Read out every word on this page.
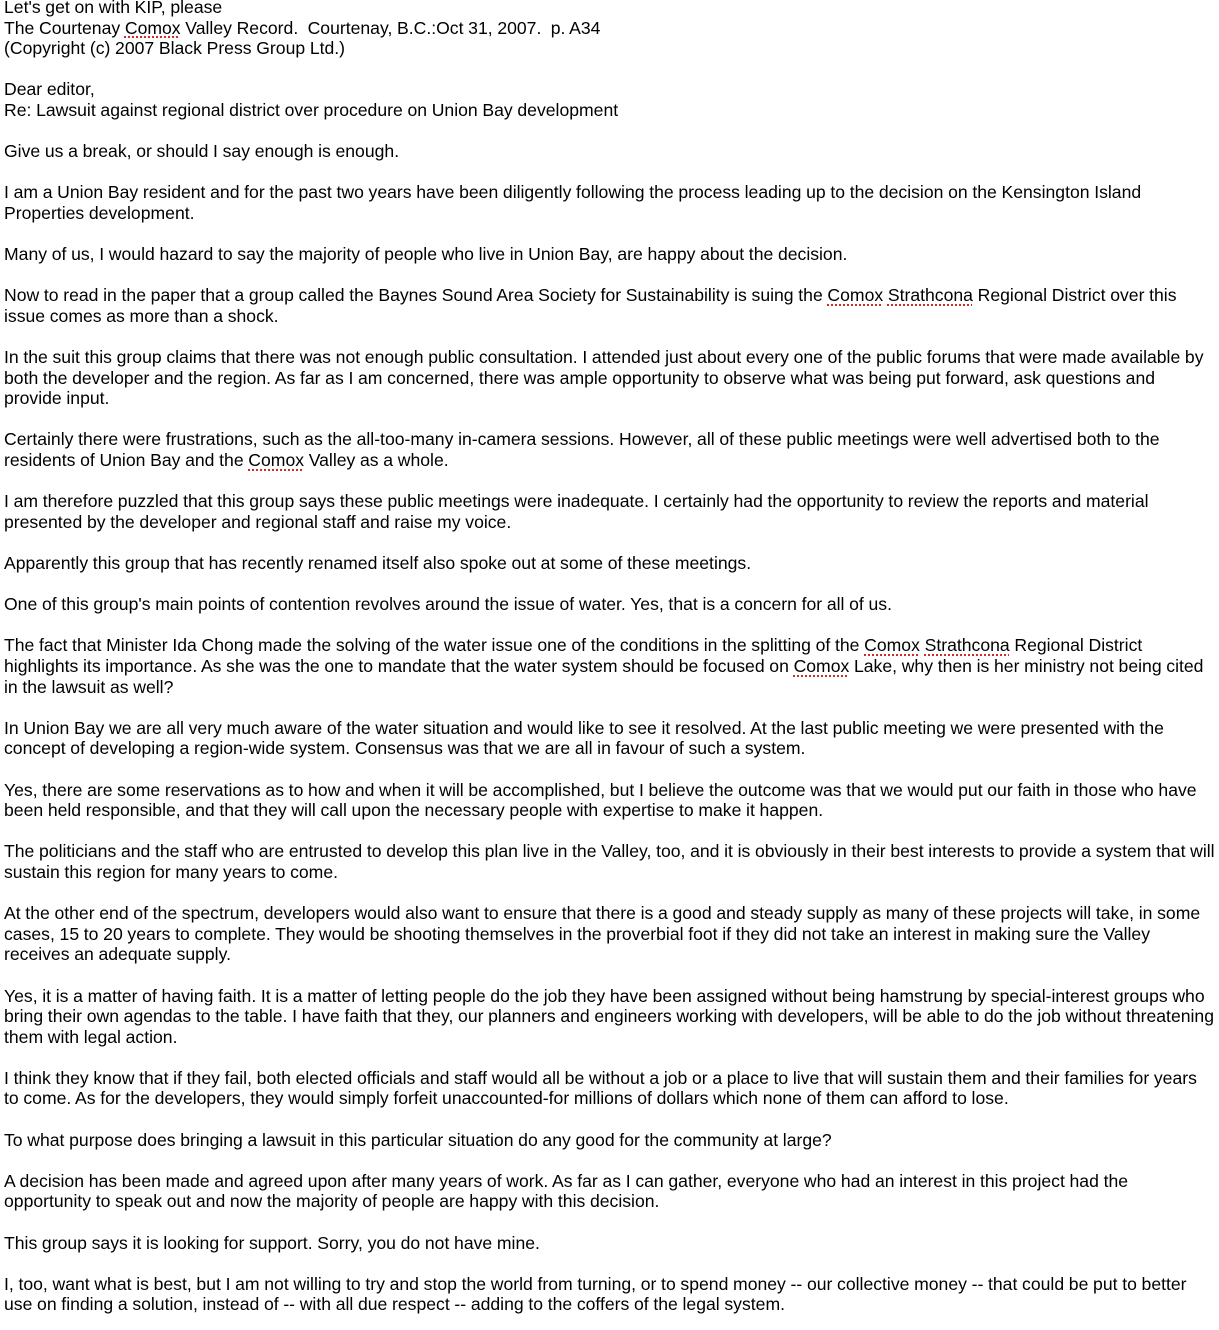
Let's get on with KIP, please
The Courtenay Comox Valley Record.  Courtenay, B.C.:Oct 31, 2007.  p. A34
(Copyright (c) 2007 Black Press Group Ltd.)

Dear editor,

Re: Lawsuit against regional district over procedure on Union Bay development

Give us a break, or should I say enough is enough.

I am a Union Bay resident and for the past two years have been diligently following the process leading up to the decision on the Kensington Island Properties development.

Many of us, I would hazard to say the majority of people who live in Union Bay, are happy about the decision.

Now to read in the paper that a group called the Baynes Sound Area Society for Sustainability is suing the Comox Strathcona Regional District over this issue comes as more than a shock.

In the suit this group claims that there was not enough public consultation. I attended just about every one of the public forums that were made available by both the developer and the region. As far as I am concerned, there was ample opportunity to observe what was being put forward, ask questions and provide input.

Certainly there were frustrations, such as the all-too-many in-camera sessions. However, all of these public meetings were well advertised both to the residents of Union Bay and the Comox Valley as a whole.

I am therefore puzzled that this group says these public meetings were inadequate. I certainly had the opportunity to review the reports and material presented by the developer and regional staff and raise my voice.

Apparently this group that has recently renamed itself also spoke out at some of these meetings.

One of this group's main points of contention revolves around the issue of water. Yes, that is a concern for all of us.

The fact that Minister Ida Chong made the solving of the water issue one of the conditions in the splitting of the Comox Strathcona Regional District highlights its importance. As she was the one to mandate that the water system should be focused on Comox Lake, why then is her ministry not being cited in the lawsuit as well?

In Union Bay we are all very much aware of the water situation and would like to see it resolved. At the last public meeting we were presented with the concept of developing a region-wide system. Consensus was that we are all in favour of such a system.

Yes, there are some reservations as to how and when it will be accomplished, but I believe the outcome was that we would put our faith in those who have been held responsible, and that they will call upon the necessary people with expertise to make it happen.

The politicians and the staff who are entrusted to develop this plan live in the Valley, too, and it is obviously in their best interests to provide a system that will sustain this region for many years to come.

At the other end of the spectrum, developers would also want to ensure that there is a good and steady supply as many of these projects will take, in some cases, 15 to 20 years to complete. They would be shooting themselves in the proverbial foot if they did not take an interest in making sure the Valley receives an adequate supply.

Yes, it is a matter of having faith. It is a matter of letting people do the job they have been assigned without being hamstrung by special-interest groups who bring their own agendas to the table. I have faith that they, our planners and engineers working with developers, will be able to do the job without threatening them with legal action.

I think they know that if they fail, both elected officials and staff would all be without a job or a place to live that will sustain them and their families for years to come. As for the developers, they would simply forfeit unaccounted-for millions of dollars which none of them can afford to lose.

To what purpose does bringing a lawsuit in this particular situation do any good for the community at large?

A decision has been made and agreed upon after many years of work. As far as I can gather, everyone who had an interest in this project had the opportunity to speak out and now the majority of people are happy with this decision.

This group says it is looking for support. Sorry, you do not have mine.

I, too, want what is best, but I am not willing to try and stop the world from turning, or to spend money -- our collective money -- that could be put to better use on finding a solution, instead of -- with all due respect -- adding to the coffers of the legal system.
